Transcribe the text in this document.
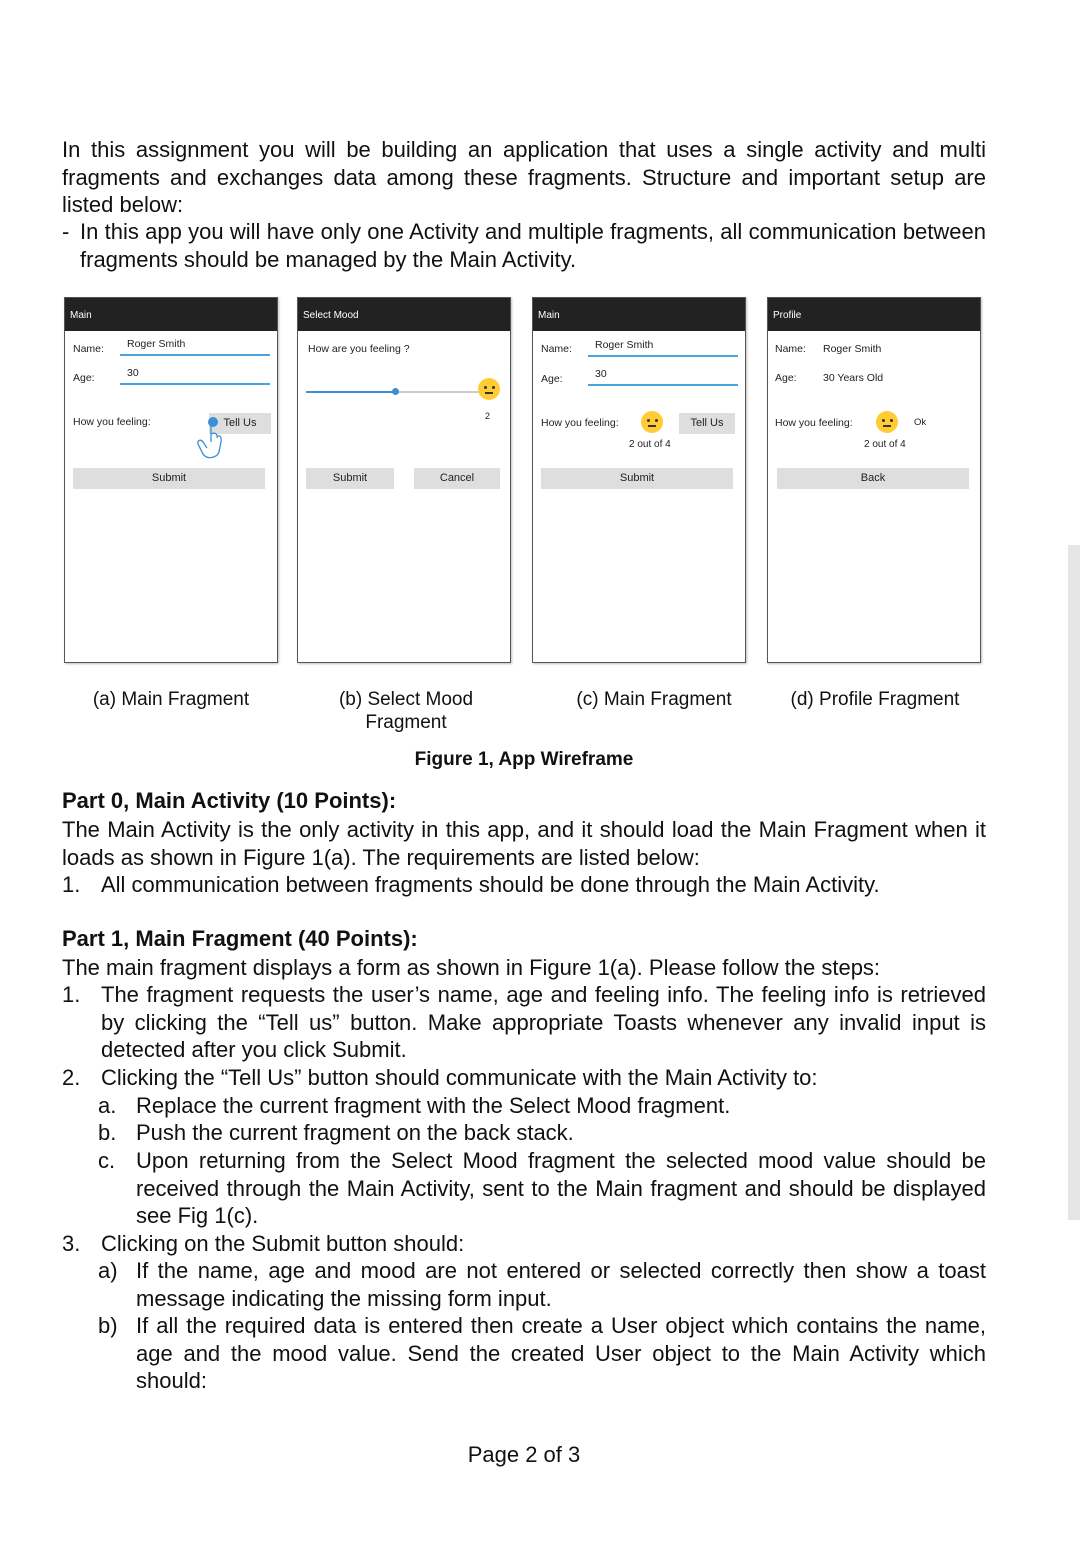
In this assignment you will be building an application that uses a single activity and multi fragments and exchanges data among these fragments. Structure and important setup are listed below:

- In this app you will have only one Activity and multiple fragments, all communication between fragments should be managed by the Main Activity.
Main
Name: Roger Smith
Age:	30
How you feeling:	Tell Us
Submit
Select Mood
How are you feeling ?
2
Submit	Cancel
Main
Name: Roger Smith
Age:	30
How you feeling:	Tell Us
2 out of 4
Submit
Profile
Name: Roger Smith
Age:	30 Years Old
How you feeling:	Ok
2 out of 4
Back
(a) Main Fragment	(b) Select Mood
Fragment
(c) Main Fragment	(d) Profile Fragment
Figure 1, App Wireframe
Part 0, Main Activity (10 Points):

The Main Activity is the only activity in this app, and it should load the Main Fragment when it loads as shown in Figure 1(a). The requirements are listed below:

1. All communication between fragments should be done through the Main Activity.
Part 1, Main Fragment (40 Points):

The main fragment displays a form as shown in Figure 1(a). Please follow the steps:

1. The fragment requests the user’s name, age and feeling info. The feeling info is retrieved by clicking the “Tell us” button. Make appropriate Toasts whenever any invalid input is detected after you click Submit.
2. Clicking the “Tell Us” button should communicate with the Main Activity to:
a. Replace the current fragment with the Select Mood fragment.
b. Push the current fragment on the back stack.
c. Upon returning from the Select Mood fragment the selected mood value should be received through the Main Activity, sent to the Main fragment and should be displayed see Fig 1(c).
3. Clicking on the Submit button should:
a) If the name, age and mood are not entered or selected correctly then show a toast message indicating the missing form input.
b) If all the required data is entered then create a User object which contains the name, age and the mood value. Send the created User object to the Main Activity which should:
Page 2 of 3
